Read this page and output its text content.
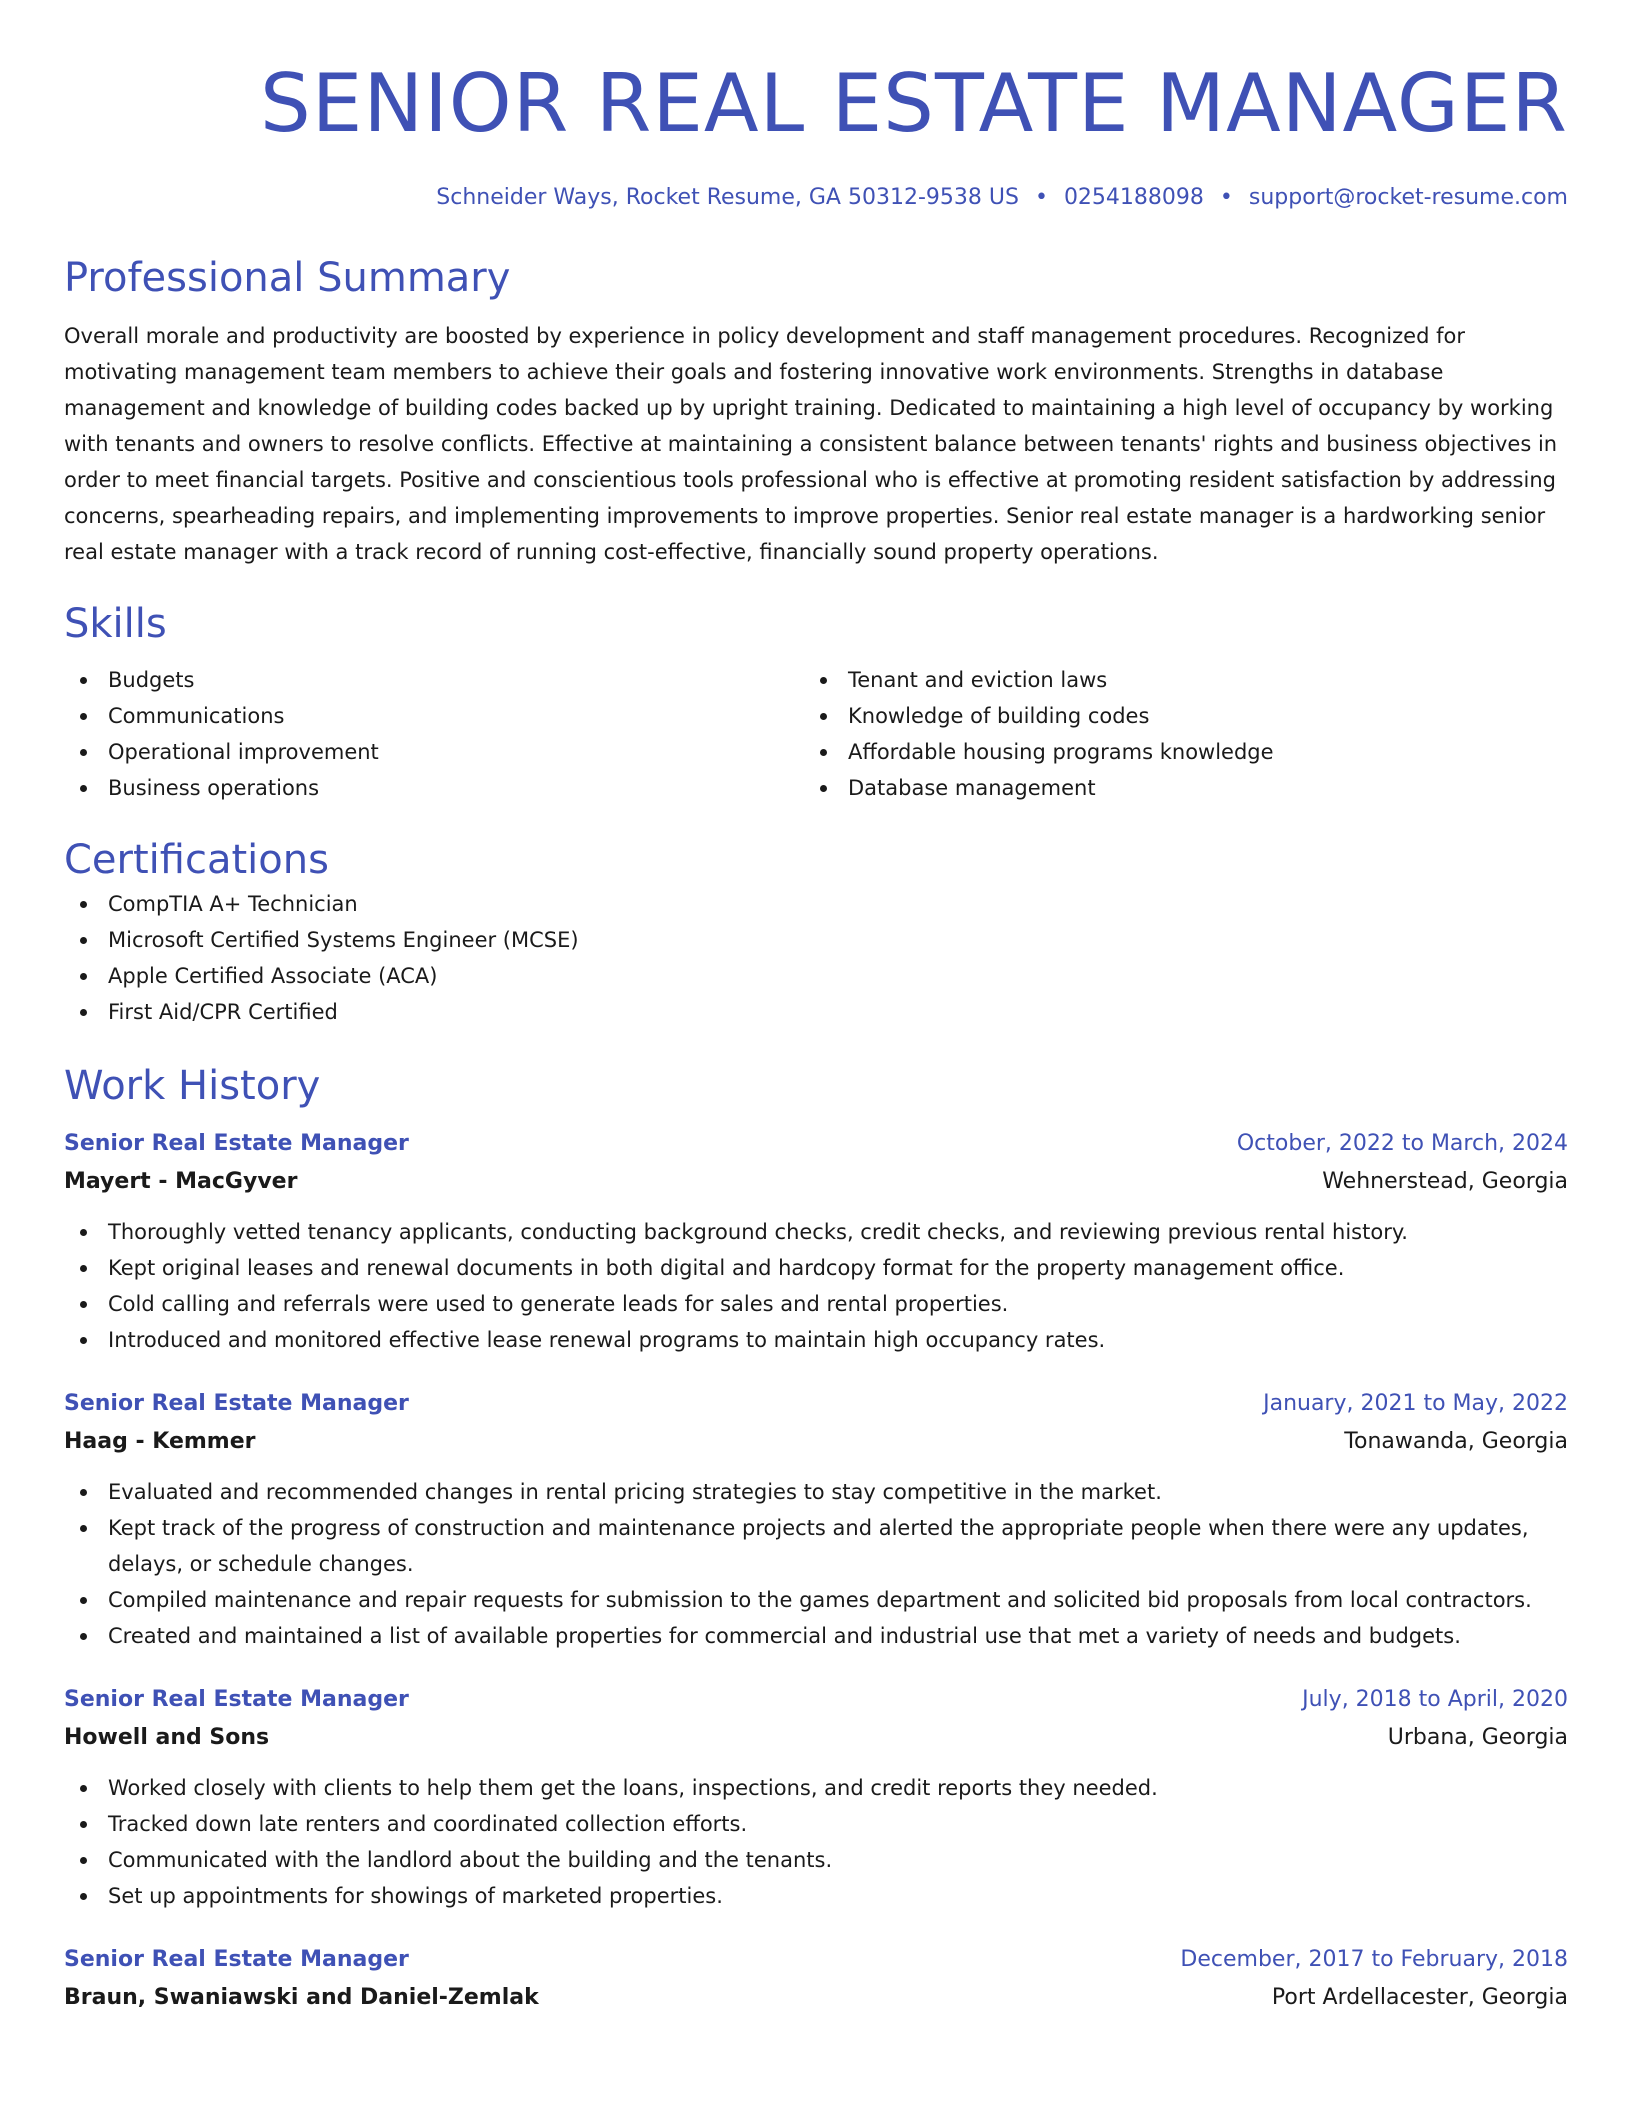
SENIOR REAL ESTATE MANAGER
Schneider Ways, Rocket Resume, GA 50312-9538 US • 0254188098 • support@rocket-resume.com
Professional Summary
Overall morale and productivity are boosted by experience in policy development and staff management procedures. Recognized for motivating management team members to achieve their goals and fostering innovative work environments. Strengths in database management and knowledge of building codes backed up by upright training. Dedicated to maintaining a high level of occupancy by working with tenants and owners to resolve conflicts. Effective at maintaining a consistent balance between tenants' rights and business objectives in order to meet financial targets. Positive and conscientious tools professional who is effective at promoting resident satisfaction by addressing concerns, spearheading repairs, and implementing improvements to improve properties. Senior real estate manager is a hardworking senior real estate manager with a track record of running cost-effective, financially sound property operations.
Skills
Budgets
Communications
Operational improvement
Business operations
Tenant and eviction laws
Knowledge of building codes
Affordable housing programs knowledge
Database management
Certifications
CompTIA A+ Technician
Microsoft Certified Systems Engineer (MCSE)
Apple Certified Associate (ACA)
First Aid/CPR Certified
Work History
Senior Real Estate Manager	October, 2022 to March, 2024
Mayert - MacGyver	Wehnerstead, Georgia
Thoroughly vetted tenancy applicants, conducting background checks, credit checks, and reviewing previous rental history.
Kept original leases and renewal documents in both digital and hardcopy format for the property management office.
Cold calling and referrals were used to generate leads for sales and rental properties.
Introduced and monitored effective lease renewal programs to maintain high occupancy rates.
Senior Real Estate Manager	January, 2021 to May, 2022
Haag - Kemmer	Tonawanda, Georgia
Evaluated and recommended changes in rental pricing strategies to stay competitive in the market.
Kept track of the progress of construction and maintenance projects and alerted the appropriate people when there were any updates, delays, or schedule changes.
Compiled maintenance and repair requests for submission to the games department and solicited bid proposals from local contractors.
Created and maintained a list of available properties for commercial and industrial use that met a variety of needs and budgets.
Senior Real Estate Manager	July, 2018 to April, 2020
Howell and Sons	Urbana, Georgia
Worked closely with clients to help them get the loans, inspections, and credit reports they needed.
Tracked down late renters and coordinated collection efforts.
Communicated with the landlord about the building and the tenants.
Set up appointments for showings of marketed properties.
Senior Real Estate Manager	December, 2017 to February, 2018
Braun, Swaniawski and Daniel-Zemlak	Port Ardellacester, Georgia
